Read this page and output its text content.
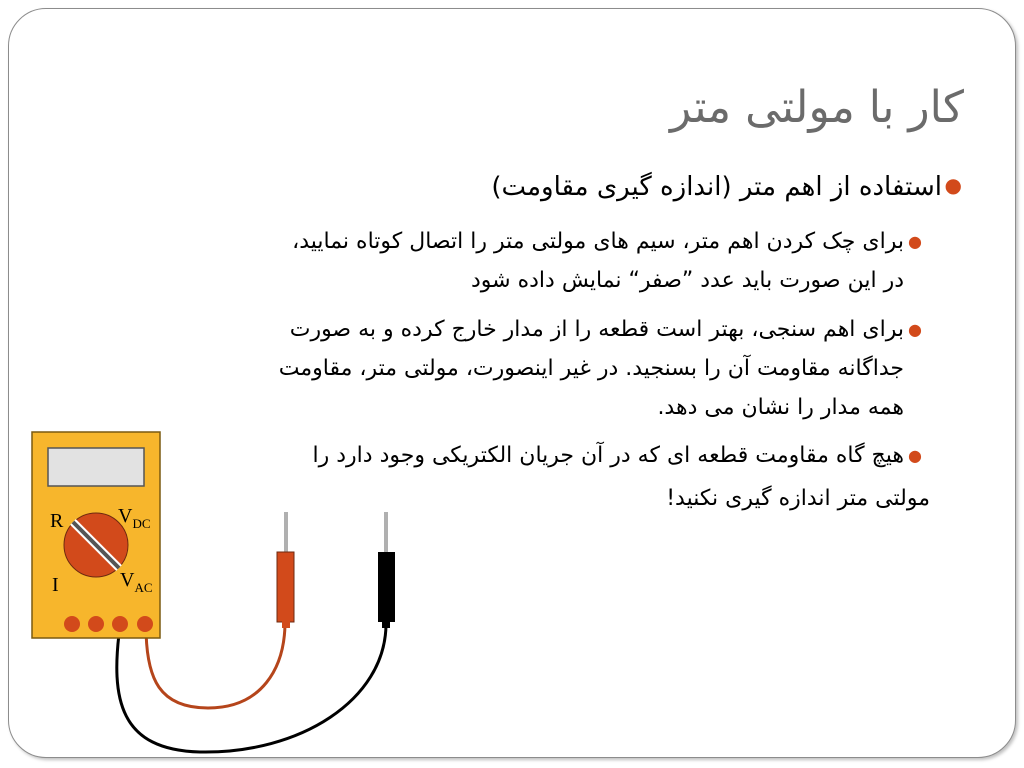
کار با مولتی متر
●
استفاده از اهم متر (اندازه گیری مقاومت)
●
برای چک کردن اهم متر، سیم های مولتی متر را اتصال کوتاه نمایید،
در این صورت باید عدد ”صفر“ نمایش داده شود
●
برای اهم سنجی، بهتر است قطعه را از مدار خارج کرده و به صورت
جداگانه مقاومت آن را بسنجید. در غیر اینصورت، مولتی متر، مقاومت
همه مدار را نشان می دهد.
●
هیچ گاه مقاومت قطعه ای که در آن جریان الکتریکی وجود دارد را
مولتی متر اندازه گیری نکنید!
R
I
$V_{DC}$
$V_{AC}$
